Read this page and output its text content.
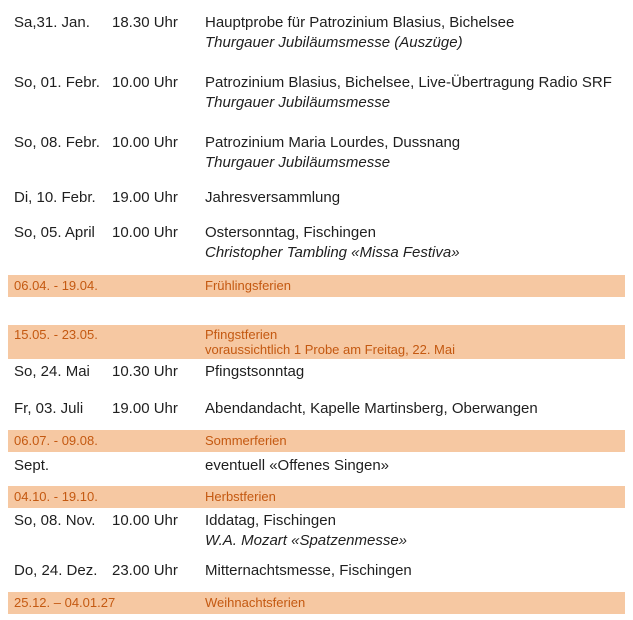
Sa,31. Jan.	18.30 Uhr	Hauptprobe für Patrozinium Blasius, Bichelsee
Thurgauer Jubiläumsmesse (Auszüge)
So, 01. Febr. 10.00 Uhr	Patrozinium Blasius, Bichelsee, Live-Übertragung Radio SRF
Thurgauer Jubiläumsmesse
So, 08. Febr. 10.00 Uhr	Patrozinium Maria Lourdes, Dussnang
Thurgauer Jubiläumsmesse
Di, 10. Febr.	19.00 Uhr	Jahresversammlung
So, 05. April	10.00 Uhr	Ostersonntag, Fischingen
Christopher Tambling «Missa Festiva»
06.04. - 19.04.	Frühlingsferien
15.05. - 23.05.	Pfingstferien
voraussichtlich 1 Probe am Freitag, 22. Mai
So, 24. Mai	10.30 Uhr	Pfingstsonntag
Fr, 03. Juli	19.00 Uhr	Abendandacht, Kapelle Martinsberg, Oberwangen
06.07. - 09.08.	Sommerferien
Sept.	eventuell «Offenes Singen»
04.10. - 19.10.	Herbstferien
So, 08. Nov.	10.00 Uhr	Iddatag, Fischingen
W.A. Mozart «Spatzenmesse»
Do, 24. Dez. 23.00 Uhr	Mitternachtsmesse, Fischingen
25.12. – 04.01.27	Weihnachtsferien
